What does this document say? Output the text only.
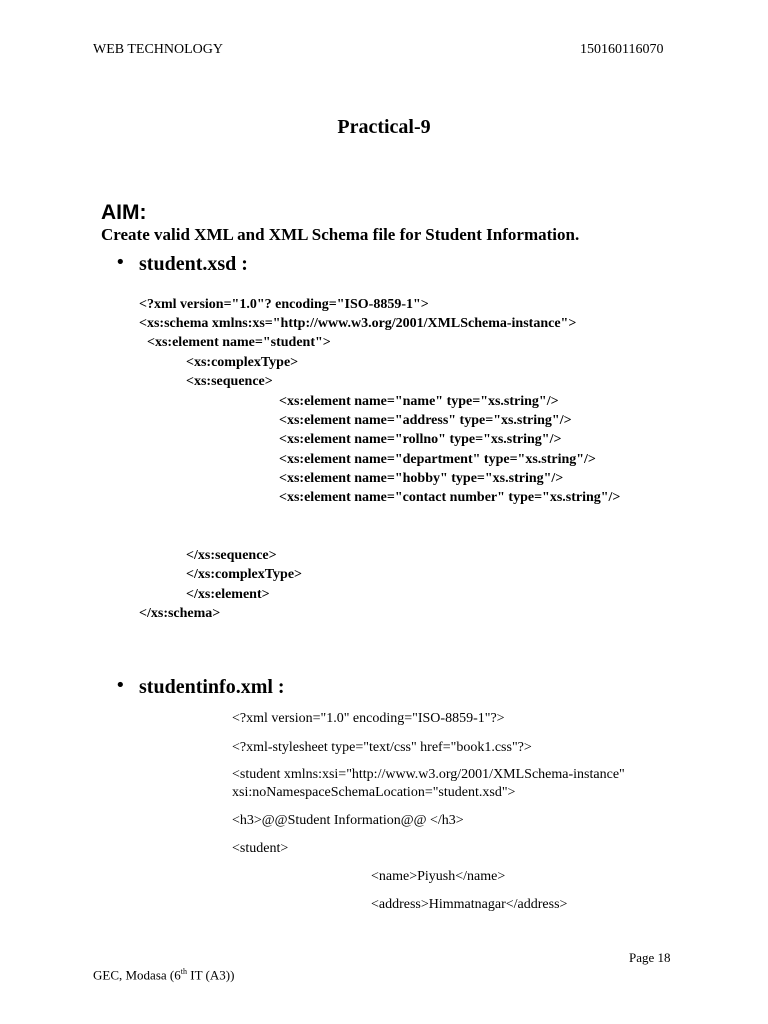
WEB TECHNOLOGY	150160116070
Practical-9

AIM:
Create valid XML and XML Schema file for Student Information.

• student.xsd :
<?xml version="1.0"? encoding="ISO-8859-1">
<xs:schema xmlns:xs="http://www.w3.org/2001/XMLSchema-instance">
<xs:element name="student">
<xs:complexType>
<xs:sequence>
<xs:element name="name" type="xs.string"/>
<xs:element name="address" type="xs.string"/>
<xs:element name="rollno" type="xs.string"/>
<xs:element name="department" type="xs.string"/>
<xs:element name="hobby" type="xs.string"/>
<xs:element name="contact number" type="xs.string"/>
</xs:sequence>
</xs:complexType>
</xs:element>
</xs:schema>
• studentinfo.xml :
<?xml version="1.0" encoding="ISO-8859-1"?>
<?xml-stylesheet type="text/css" href="book1.css"?>
<student xmlns:xsi="http://www.w3.org/2001/XMLSchema-instance"
xsi:noNamespaceSchemaLocation="student.xsd">
<h3>@@Student Information@@ </h3>
<student>
<name>Piyush</name>
<address>Himmatnagar</address>
Page 18
GEC, Modasa (6th IT (A3))
